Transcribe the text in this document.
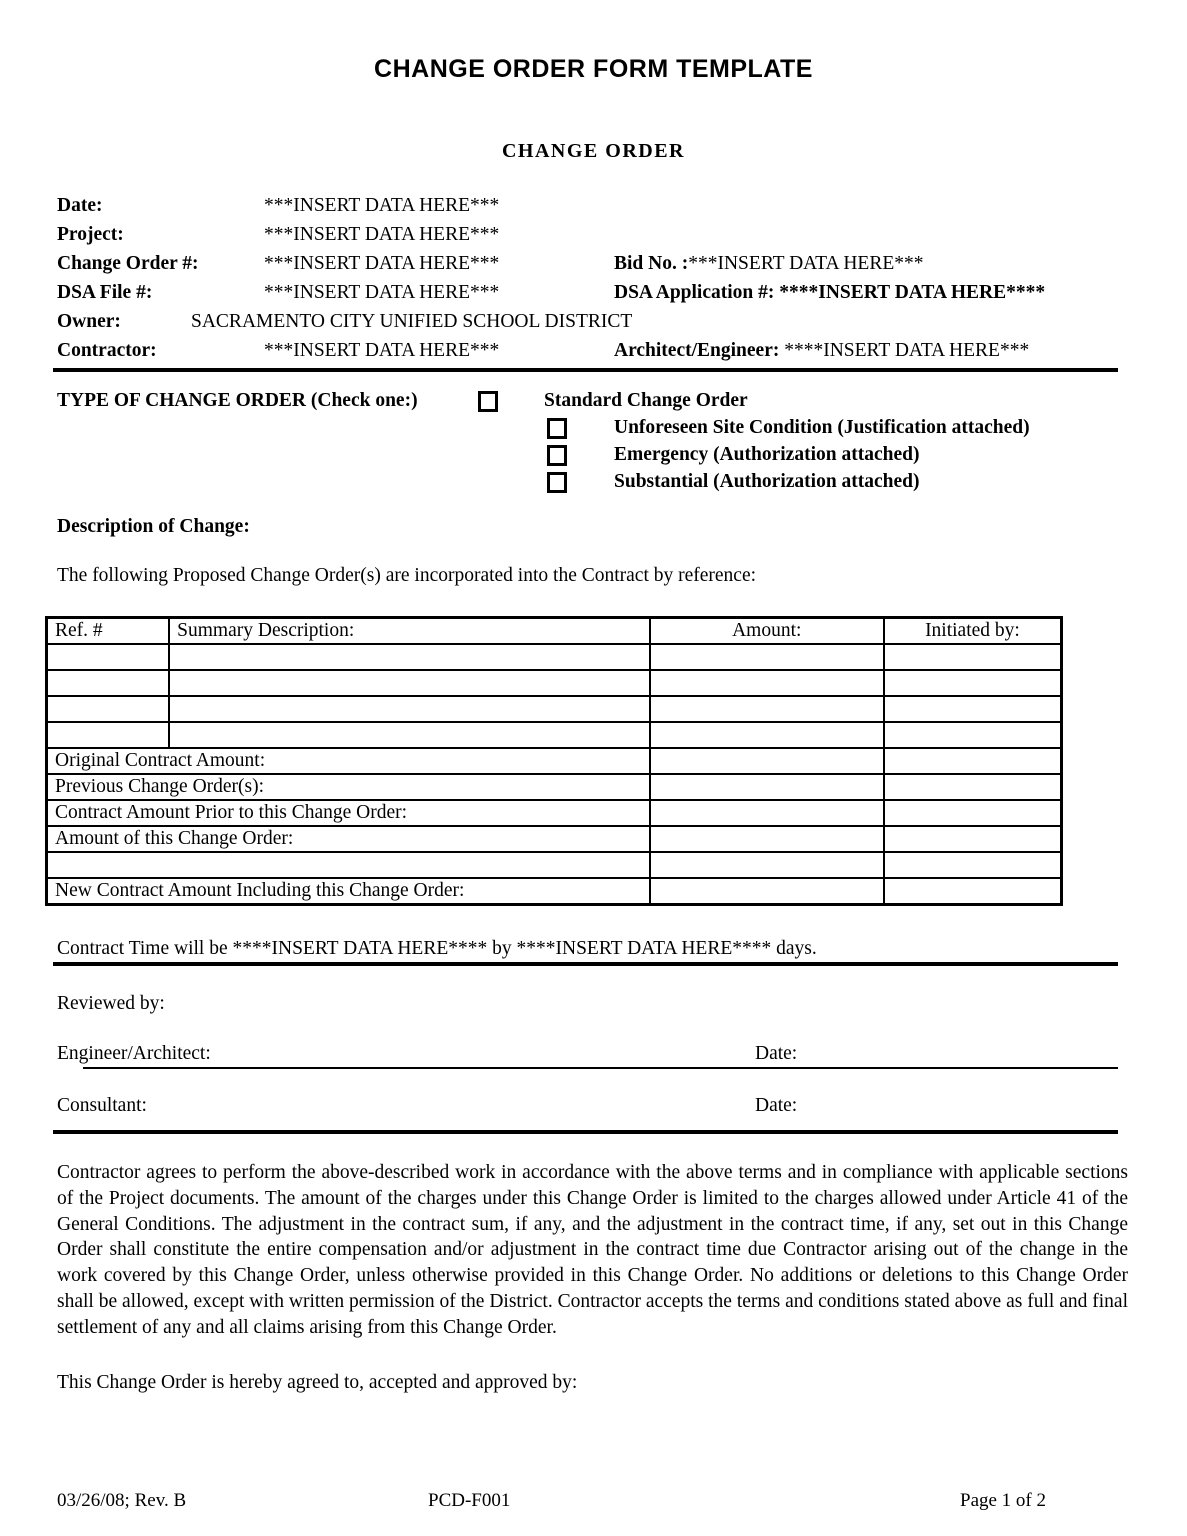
CHANGE ORDER FORM TEMPLATE
CHANGE ORDER
Date:	***INSERT DATA HERE***
Project:	***INSERT DATA HERE***
Change Order #:	***INSERT DATA HERE***	Bid No. :***INSERT DATA HERE***
DSA File #:	***INSERT DATA HERE***	DSA Application #: ****INSERT DATA HERE****
Owner:	SACRAMENTO CITY UNIFIED SCHOOL DISTRICT
Contractor:	***INSERT DATA HERE***	Architect/Engineer: ****INSERT DATA HERE***
TYPE OF CHANGE ORDER (Check one:)	Standard Change Order
Unforeseen Site Condition (Justification attached)
Emergency (Authorization attached)
Substantial (Authorization attached)
Description of Change:
The following Proposed Change Order(s) are incorporated into the Contract by reference:
Ref. #	Summary Description:	Amount:	Initiated by:

Original Contract Amount:			
Previous Change Order(s):			
Contract Amount Prior to this Change Order:			
Amount of this Change Order:			

New Contract Amount Including this Change Order:			
Contract Time will be ****INSERT DATA HERE**** by ****INSERT DATA HERE**** days.
Reviewed by:
Engineer/Architect:	Date:
Consultant:	Date:
Contractor agrees to perform the above-described work in accordance with the above terms and in compliance with applicable sections of the Project documents. The amount of the charges under this Change Order is limited to the charges allowed under Article 41 of the General Conditions. The adjustment in the contract sum, if any, and the adjustment in the contract time, if any, set out in this Change Order shall constitute the entire compensation and/or adjustment in the contract time due Contractor arising out of the change in the work covered by this Change Order, unless otherwise provided in this Change Order. No additions or deletions to this Change Order shall be allowed, except with written permission of the District. Contractor accepts the terms and conditions stated above as full and final settlement of any and all claims arising from this Change Order.
This Change Order is hereby agreed to, accepted and approved by:
03/26/08; Rev. B	PCD-F001	Page 1 of 2
